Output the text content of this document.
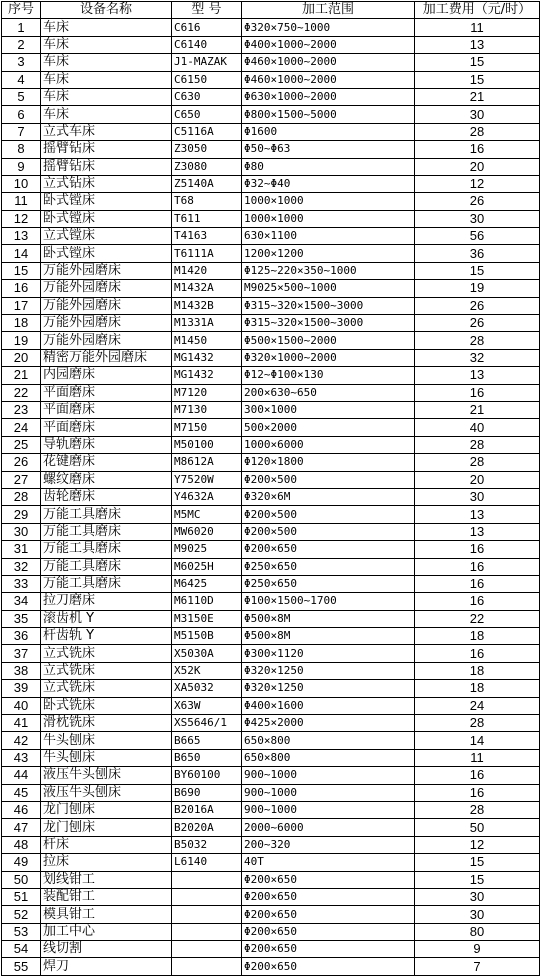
序号	设备名称	型 号	加工范围	加工费用（元/时）
1	车床	C616	Φ320×750~1000	11
2	车床	C6140	Φ400×1000~2000	13
3	车床	J1-MAZAK	Φ460×1000~2000	15
4	车床	C6150	Φ460×1000~2000	15
5	车床	C630	Φ630×1000~2000	21
6	车床	C650	Φ800×1500~5000	30
7	立式车床	C5116A	Φ1600	28
8	摇臂钻床	Z3050	Φ50~Φ63	16
9	摇臂钻床	Z3080	Φ80	20
10	立式钻床	Z5140A	Φ32~Φ40	12
11	卧式镗床	T68	1000×1000	26
12	卧式镗床	T611	1000×1000	30
13	立式镗床	T4163	630×1100	56
14	卧式镗床	T6111A	1200×1200	36
15	万能外园磨床	M1420	Φ125~220×350~1000	15
16	万能外园磨床	M1432A	M9025×500~1000	19
17	万能外园磨床	M1432B	Φ315~320×1500~3000	26
18	万能外园磨床	M1331A	Φ315~320×1500~3000	26
19	万能外园磨床	M1450	Φ500×1500~2000	28
20	精密万能外园磨床	MG1432	Φ320×1000~2000	32
21	内园磨床	MG1432	Φ12~Φ100×130	13
22	平面磨床	M7120	200×630~650	16
23	平面磨床	M7130	300×1000	21
24	平面磨床	M7150	500×2000	40
25	导轨磨床	M50100	1000×6000	28
26	花键磨床	M8612A	Φ120×1800	28
27	螺纹磨床	Y7520W	Φ200×500	20
28	齿轮磨床	Y4632A	Φ320×6M	30
29	万能工具磨床	M5MC	Φ200×500	13
30	万能工具磨床	MW6020	Φ200×500	13
31	万能工具磨床	M9025	Φ200×650	16
32	万能工具磨床	M6025H	Φ250×650	16
33	万能工具磨床	M6425	Φ250×650	16
34	拉刀磨床	M6110D	Φ100×1500~1700	16
35	滚齿机 Y	M3150E	Φ500×8M	22
36	杆齿轨 Y	M5150B	Φ500×8M	18
37	立式铣床	X5030A	Φ300×1120	16
38	立式铣床	X52K	Φ320×1250	18
39	立式铣床	XA5032	Φ320×1250	18
40	卧式铣床	X63W	Φ400×1600	24
41	滑枕铣床	XS5646/1	Φ425×2000	28
42	牛头刨床	B665	650×800	14
43	牛头刨床	B650	650×800	11
44	液压牛头刨床	BY60100	900~1000	16
45	液压牛头刨床	B690	900~1000	16
46	龙门刨床	B2016A	900~1000	28
47	龙门刨床	B2020A	2000~6000	50
48	杆床	B5032	200~320	12
49	拉床	L6140	40T	15
50	划线钳工		Φ200×650	15
51	装配钳工		Φ200×650	30
52	模具钳工		Φ200×650	30
53	加工中心		Φ200×650	80
54	线切割		Φ200×650	9
55	焊刀		Φ200×650	7
